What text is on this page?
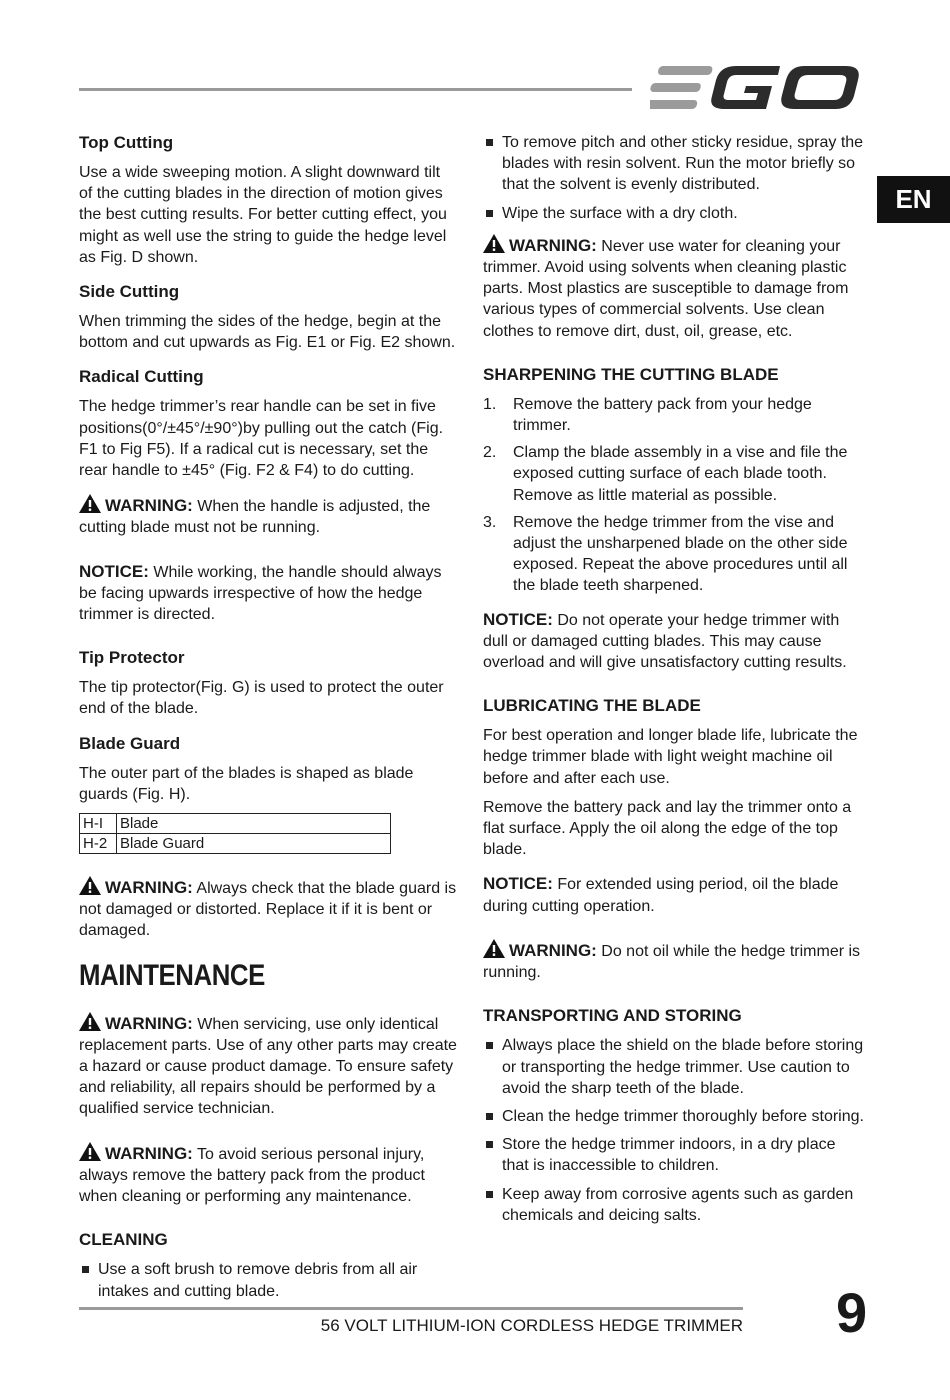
EN
Top Cutting

Use a wide sweeping motion. A slight downward tilt of the cutting blades in the direction of motion gives the best cutting results. For better cutting effect, you might as well use the string to guide the hedge level as Fig. D shown.

Side Cutting

When trimming the sides of the hedge, begin at the bottom and cut upwards as Fig. E1 or Fig. E2 shown.

Radical Cutting

The hedge trimmer’s rear handle can be set in five positions(0°/±45°/±90°)by pulling out the catch (Fig. F1 to Fig F5). If a radical cut is necessary, set the rear handle to ±45° (Fig. F2 & F4) to do cutting.

WARNING: When the handle is adjusted, the cutting blade must not be running.

NOTICE: While working, the handle should always be facing upwards irrespective of how the hedge trimmer is directed.

Tip Protector

The tip protector(Fig. G) is used to protect the outer end of the blade.

Blade Guard

The outer part of the blades is shaped as blade guards (Fig. H).

H-I	Blade
H-2	Blade Guard

WARNING: Always check that the blade guard is not damaged or distorted. Replace it if it is bent or damaged.

MAINTENANCE

WARNING: When servicing, use only identical replacement parts. Use of any other parts may create a hazard or cause product damage. To ensure safety and reliability, all repairs should be performed by a qualified service technician.

WARNING: To avoid serious personal injury, always remove the battery pack from the product when cleaning or performing any maintenance.

CLEANING
Use a soft brush to remove debris from all air intakes and cutting blade.
To remove pitch and other sticky residue, spray the blades with resin solvent. Run the motor briefly so that the solvent is evenly distributed.
Wipe the surface with a dry cloth.

WARNING: Never use water for cleaning your trimmer. Avoid using solvents when cleaning plastic parts. Most plastics are susceptible to damage from various types of commercial solvents. Use clean clothes to remove dirt, dust, oil, grease, etc.

SHARPENING THE CUTTING BLADE
1. Remove the battery pack from your hedge trimmer.
2. Clamp the blade assembly in a vise and file the exposed cutting surface of each blade tooth. Remove as little material as possible.
3. Remove the hedge trimmer from the vise and adjust the unsharpened blade on the other side exposed. Repeat the above procedures until all the blade teeth sharpened.

NOTICE: Do not operate your hedge trimmer with dull or damaged cutting blades. This may cause overload and will give unsatisfactory cutting results.

LUBRICATING THE BLADE

For best operation and longer blade life, lubricate the hedge trimmer blade with light weight machine oil before and after each use.

Remove the battery pack and lay the trimmer onto a flat surface. Apply the oil along the edge of the top blade.

NOTICE: For extended using period, oil the blade during cutting operation.

WARNING: Do not oil while the hedge trimmer is running.

TRANSPORTING AND STORING
Always place the shield on the blade before storing or transporting the hedge trimmer. Use caution to avoid the sharp teeth of the blade.
Clean the hedge trimmer thoroughly before storing.
Store the hedge trimmer indoors, in a dry place that is inaccessible to children.
Keep away from corrosive agents such as garden chemicals and deicing salts.
56 VOLT LITHIUM-ION CORDLESS HEDGE TRIMMER 9
